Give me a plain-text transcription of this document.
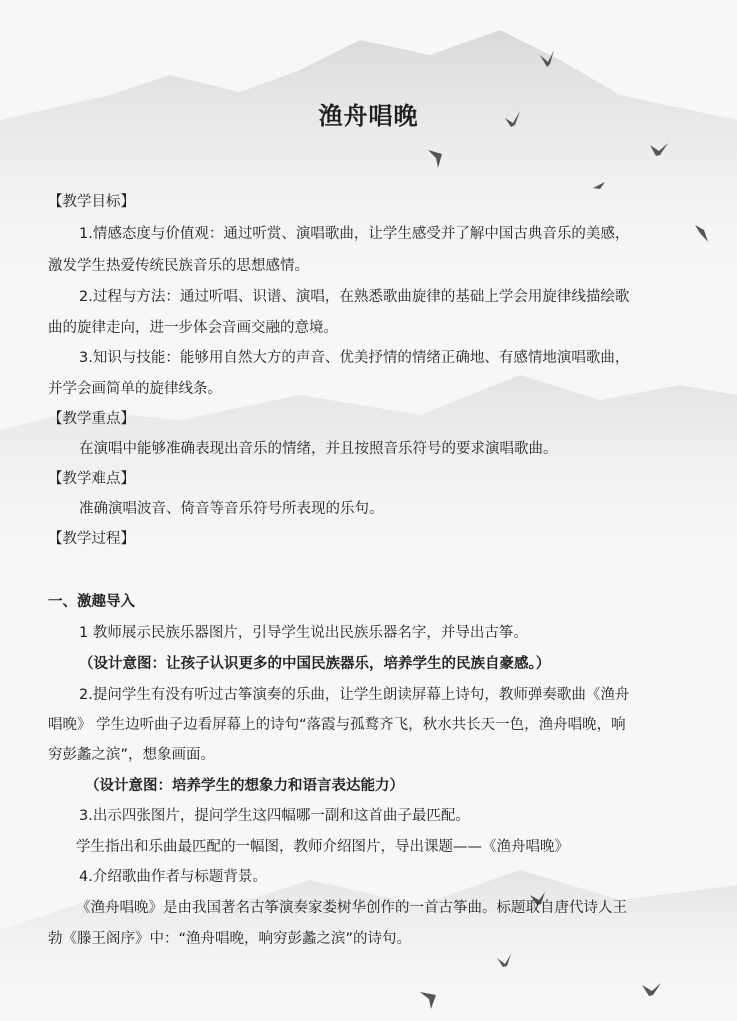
渔舟唱晚
【教学目标】
1.情感态度与价值观：通过听赏、演唱歌曲，让学生感受并了解中国古典音乐的美感，
激发学生热爱传统民族音乐的思想感情。
2.过程与方法：通过听唱、识谱、演唱，在熟悉歌曲旋律的基础上学会用旋律线描绘歌
曲的旋律走向，进一步体会音画交融的意境。
3.知识与技能：能够用自然大方的声音、优美抒情的情绪正确地、有感情地演唱歌曲，
并学会画简单的旋律线条。
【教学重点】
在演唱中能够准确表现出音乐的情绪，并且按照音乐符号的要求演唱歌曲。
【教学难点】
准确演唱波音、倚音等音乐符号所表现的乐句。
【教学过程】
一、激趣导入
1 教师展示民族乐器图片，引导学生说出民族乐器名字，并导出古筝。
（设计意图：让孩子认识更多的中国民族器乐，培养学生的民族自豪感。）
2.提问学生有没有听过古筝演奏的乐曲，让学生朗读屏幕上诗句，教师弹奏歌曲《渔舟
唱晚》 学生边听曲子边看屏幕上的诗句“落霞与孤鹜齐飞，秋水共长天一色，渔舟唱晚，响
穷彭蠡之滨”，想象画面。
（设计意图：培养学生的想象力和语言表达能力）
3.出示四张图片，提问学生这四幅哪一副和这首曲子最匹配。
学生指出和乐曲最匹配的一幅图，教师介绍图片，导出课题——《渔舟唱晚》
4.介绍歌曲作者与标题背景。
《渔舟唱晚》是由我国著名古筝演奏家娄树华创作的一首古筝曲。标题取自唐代诗人王
勃《滕王阁序》中：“渔舟唱晚，响穷彭蠡之滨”的诗句。
